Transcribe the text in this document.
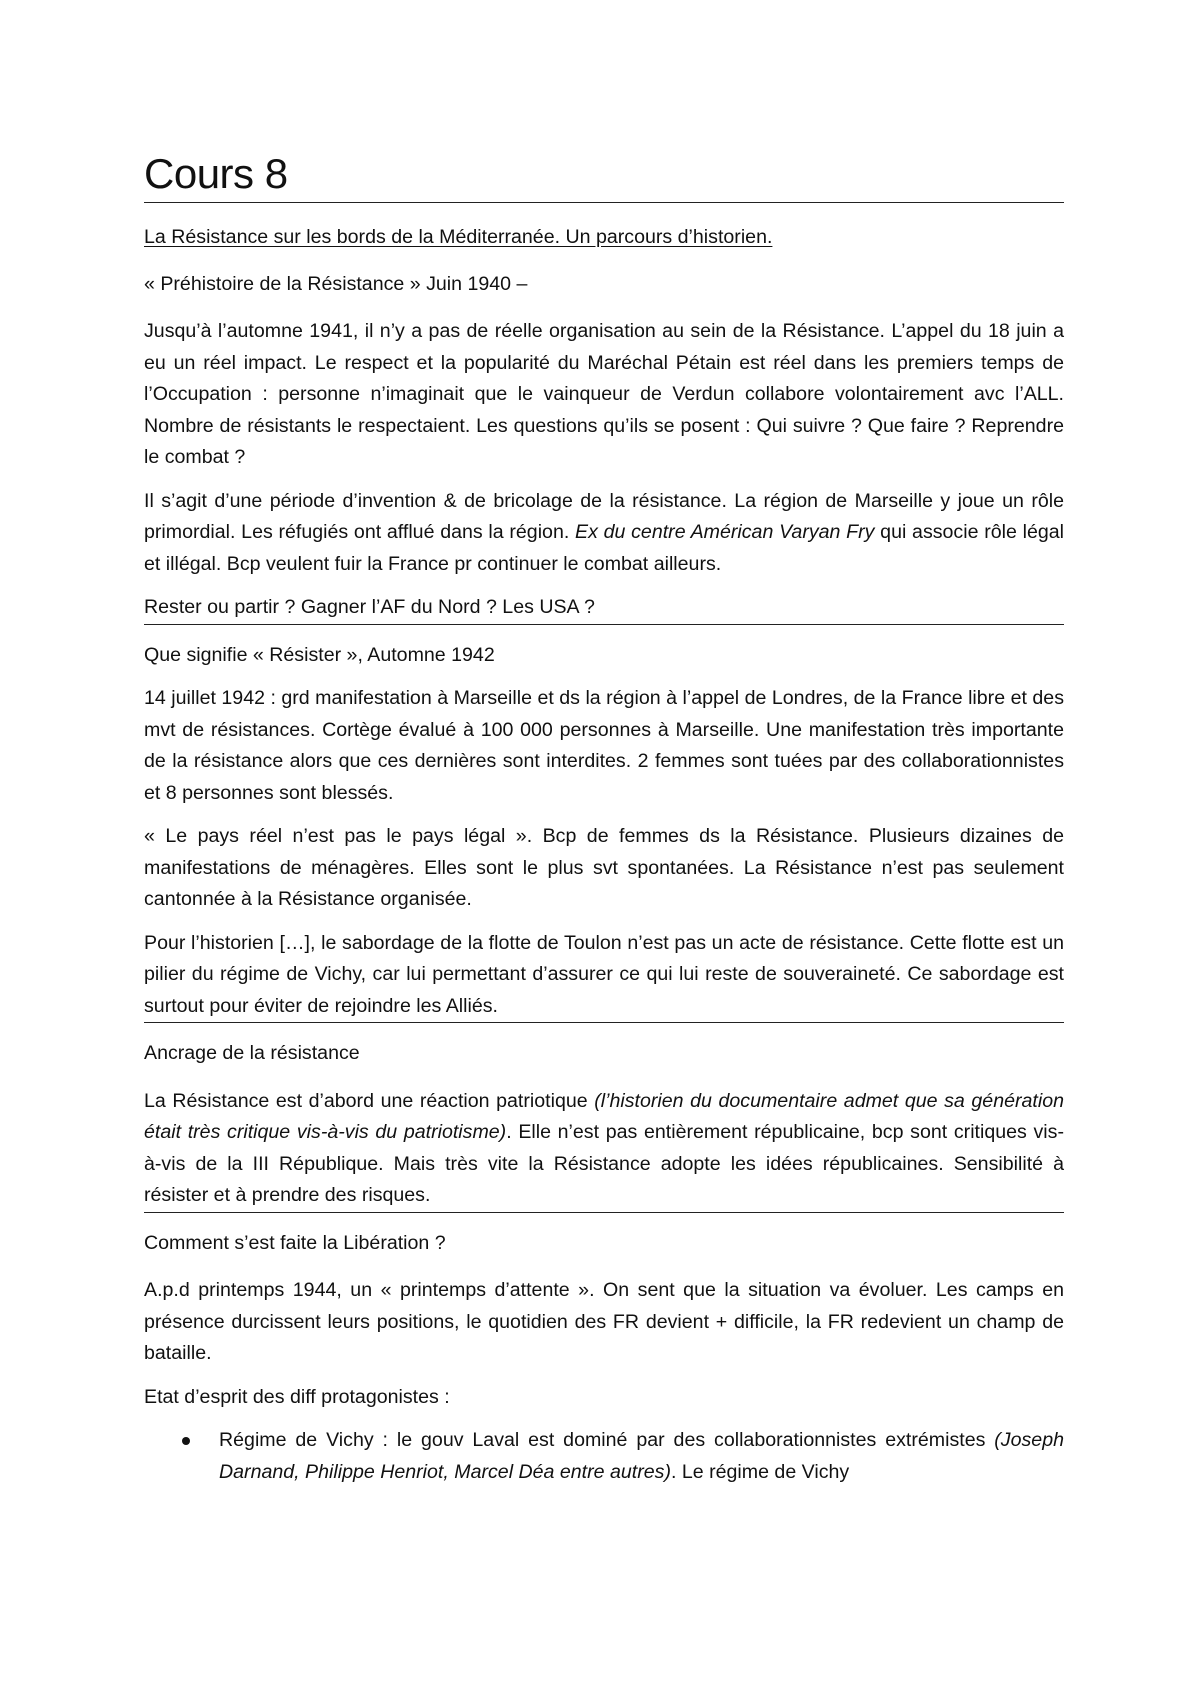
Cours 8

La Résistance sur les bords de la Méditerranée. Un parcours d’historien.

« Préhistoire de la Résistance » Juin 1940 –

Jusqu’à l’automne 1941, il n’y a pas de réelle organisation au sein de la Résistance. L’appel du 18 juin a eu un réel impact. Le respect et la popularité du Maréchal Pétain est réel dans les premiers temps de l’Occupation : personne n’imaginait que le vainqueur de Verdun collabore volontairement avc l’ALL. Nombre de résistants le respectaient. Les questions qu’ils se posent : Qui suivre ? Que faire ? Reprendre le combat ?

Il s’agit d’une période d’invention & de bricolage de la résistance. La région de Marseille y joue un rôle primordial. Les réfugiés ont afflué dans la région. Ex du centre Américan Varyan Fry qui associe rôle légal et illégal. Bcp veulent fuir la France pr continuer le combat ailleurs.

Rester ou partir ? Gagner l’AF du Nord ? Les USA ?

Que signifie « Résister », Automne 1942

14 juillet 1942 : grd manifestation à Marseille et ds la région à l’appel de Londres, de la France libre et des mvt de résistances. Cortège évalué à 100 000 personnes à Marseille. Une manifestation très importante de la résistance alors que ces dernières sont interdites. 2 femmes sont tuées par des collaborationnistes et 8 personnes sont blessés.

« Le pays réel n’est pas le pays légal ». Bcp de femmes ds la Résistance. Plusieurs dizaines de manifestations de ménagères. Elles sont le plus svt spontanées. La Résistance n’est pas seulement cantonnée à la Résistance organisée.

Pour l’historien […], le sabordage de la flotte de Toulon n’est pas un acte de résistance. Cette flotte est un pilier du régime de Vichy, car lui permettant d’assurer ce qui lui reste de souveraineté. Ce sabordage est surtout pour éviter de rejoindre les Alliés.

Ancrage de la résistance

La Résistance est d’abord une réaction patriotique (l’historien du documentaire admet que sa génération était très critique vis-à-vis du patriotisme). Elle n’est pas entièrement républicaine, bcp sont critiques vis-à-vis de la III République. Mais très vite la Résistance adopte les idées républicaines. Sensibilité à résister et à prendre des risques.

Comment s’est faite la Libération ?

A.p.d printemps 1944, un « printemps d’attente ». On sent que la situation va évoluer. Les camps en présence durcissent leurs positions, le quotidien des FR devient + difficile, la FR redevient un champ de bataille.

Etat d’esprit des diff protagonistes :

Régime de Vichy : le gouv Laval est dominé par des collaborationnistes extrémistes (Joseph Darnand, Philippe Henriot, Marcel Déa entre autres). Le régime de Vichy
